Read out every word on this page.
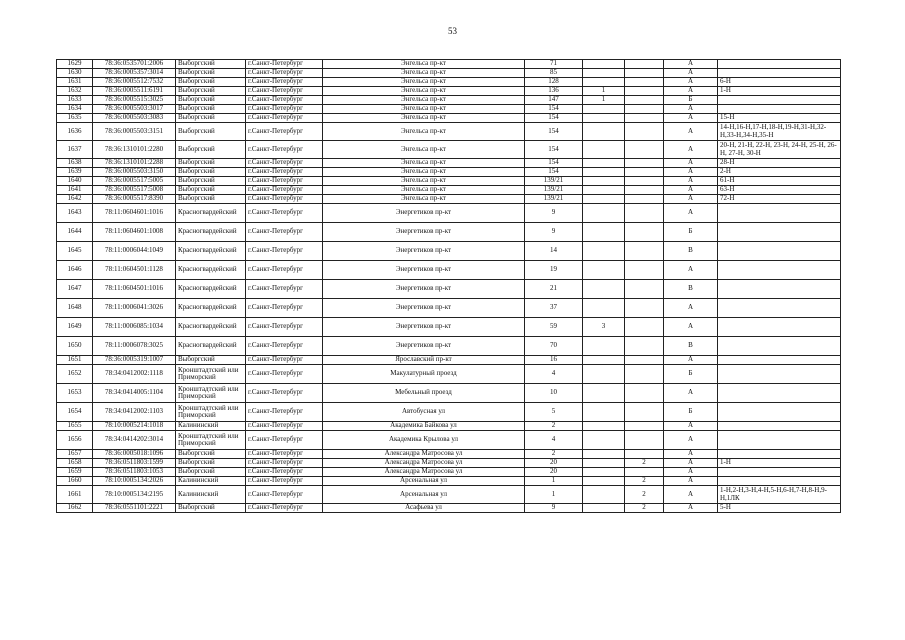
53
1629	78:36:0535701:2006	Выборгский	г.Санкт-Петербург	Энгельса пр-кт	71			А	
1630	78:36:0005357:3014	Выборгский	г.Санкт-Петербург	Энгельса пр-кт	85			А	
1631	78:36:0005512:7532	Выборгский	г.Санкт-Петербург	Энгельса пр-кт	128			А	6-Н
1632	78:36:0005511:6191	Выборгский	г.Санкт-Петербург	Энгельса пр-кт	136	1		А	1-Н
1633	78:36:0005515:3025	Выборгский	г.Санкт-Петербург	Энгельса пр-кт	147	1		Б	
1634	78:36:0005503:3017	Выборгский	г.Санкт-Петербург	Энгельса пр-кт	154			А	
1635	78:36:0005503:3083	Выборгский	г.Санкт-Петербург	Энгельса пр-кт	154			А	15-Н
1636	78:36:0005503:3151	Выборгский	г.Санкт-Петербург	Энгельса пр-кт	154			А	14-Н,16-Н,17-Н,18-Н,19-Н,31-Н,32-Н,33-Н,34-Н,35-Н
1637	78:36:1310101:2280	Выборгский	г.Санкт-Петербург	Энгельса пр-кт	154			А	20-Н, 21-Н, 22-Н, 23-Н, 24-Н, 25-Н, 26-Н, 27-Н, 30-Н
1638	78:36:1310101:2288	Выборгский	г.Санкт-Петербург	Энгельса пр-кт	154			А	28-Н
1639	78:36:0005503:3150	Выборгский	г.Санкт-Петербург	Энгельса пр-кт	154			А	2-Н
1640	78:36:0005517:5005	Выборгский	г.Санкт-Петербург	Энгельса пр-кт	139/21			А	61-Н
1641	78:36:0005517:5008	Выборгский	г.Санкт-Петербург	Энгельса пр-кт	139/21			А	63-Н
1642	78:36:0005517:8390	Выборгский	г.Санкт-Петербург	Энгельса пр-кт	139/21			А	72-Н
1643	78:11:0604601:1016	Красногвардейский	г.Санкт-Петербург	Энергетиков пр-кт	9			А	
1644	78:11:0604601:1008	Красногвардейский	г.Санкт-Петербург	Энергетиков пр-кт	9			Б	
1645	78:11:0006044:1049	Красногвардейский	г.Санкт-Петербург	Энергетиков пр-кт	14			В	
1646	78:11:0604501:1128	Красногвардейский	г.Санкт-Петербург	Энергетиков пр-кт	19			А	
1647	78:11:0604501:1016	Красногвардейский	г.Санкт-Петербург	Энергетиков пр-кт	21			В	
1648	78:11:0006041:3026	Красногвардейский	г.Санкт-Петербург	Энергетиков пр-кт	37			А	
1649	78:11:0006085:1034	Красногвардейский	г.Санкт-Петербург	Энергетиков пр-кт	59	3		А	
1650	78:11:0006078:3025	Красногвардейский	г.Санкт-Петербург	Энергетиков пр-кт	70			В	
1651	78:36:0005319:1007	Выборгский	г.Санкт-Петербург	Ярославский пр-кт	16			А	
1652	78:34:0412002:1118	Кронштадтский или Приморский	г.Санкт-Петербург	Макулатурный проезд	4			Б	
1653	78:34:0414005:1104	Кронштадтский или Приморский	г.Санкт-Петербург	Мебельный проезд	10			А	
1654	78:34:0412002:1103	Кронштадтский или Приморский	г.Санкт-Петербург	Автобусная ул	5			Б	
1655	78:10:0005214:1018	Калининский	г.Санкт-Петербург	Академика Байкова ул	2			А	
1656	78:34:0414202:3014	Кронштадтский или Приморский	г.Санкт-Петербург	Академика Крылова ул	4			А	
1657	78:36:0005018:1096	Выборгский	г.Санкт-Петербург	Александра Матросова ул	2			А	
1658	78:36:0511803:1599	Выборгский	г.Санкт-Петербург	Александра Матросова ул	20		2	А	1-Н
1659	78:36:0511803:1053	Выборгский	г.Санкт-Петербург	Александра Матросова ул	20			А	
1660	78:10:0005134:2026	Калининский	г.Санкт-Петербург	Арсенальная ул	1		2	А	
1661	78:10:0005134:2195	Калининский	г.Санкт-Петербург	Арсенальная ул	1		2	А	1-Н,2-Н,3-Н,4-Н,5-Н,6-Н,7-Н,8-Н,9-Н,1ЛК
1662	78:36:0551101:2221	Выборгский	г.Санкт-Петербург	Асафьева ул	9		2	А	5-Н
